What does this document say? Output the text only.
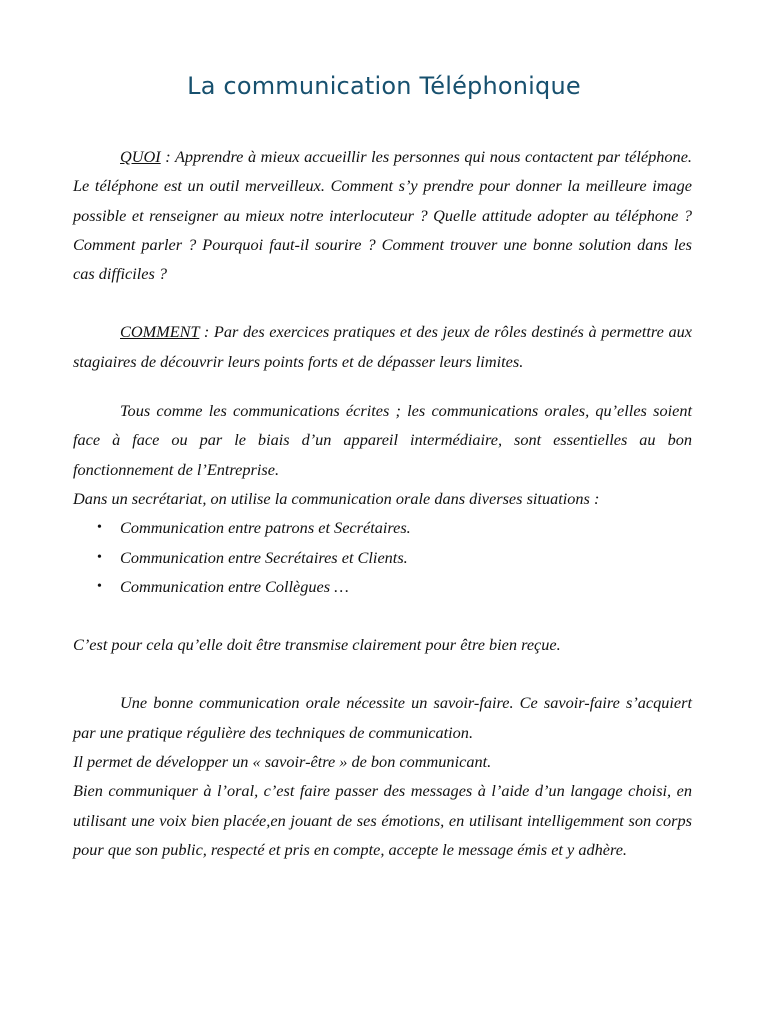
La communication Téléphonique

QUOI : Apprendre à mieux accueillir les personnes qui nous contactent par téléphone. Le téléphone est un outil merveilleux. Comment s’y prendre pour donner la meilleure image possible et renseigner au mieux notre interlocuteur ? Quelle attitude adopter au téléphone ? Comment parler ? Pourquoi faut-il sourire ? Comment trouver une bonne solution dans les cas difficiles ?

COMMENT : Par des exercices pratiques et des jeux de rôles destinés à permettre aux stagiaires de découvrir leurs points forts et de dépasser leurs limites.

Tous comme les communications écrites ; les communications orales, qu’elles soient face à face ou par le biais d’un appareil intermédiaire, sont essentielles au bon fonctionnement de l’Entreprise.

Dans un secrétariat, on utilise la communication orale dans diverses situations :

• Communication entre patrons et Secrétaires.
• Communication entre Secrétaires et Clients.
• Communication entre Collègues …

C’est pour cela qu’elle doit être transmise clairement pour être bien reçue.

Une bonne communication orale nécessite un savoir-faire. Ce savoir-faire s’acquiert par une pratique régulière des techniques de communication.

Il permet de développer un « savoir-être » de bon communicant.

Bien communiquer à l’oral, c’est faire passer des messages à l’aide d’un langage choisi, en utilisant une voix bien placée,en jouant de ses émotions, en utilisant intelligemment son corps pour que son public, respecté et pris en compte, accepte le message émis et y adhère.
